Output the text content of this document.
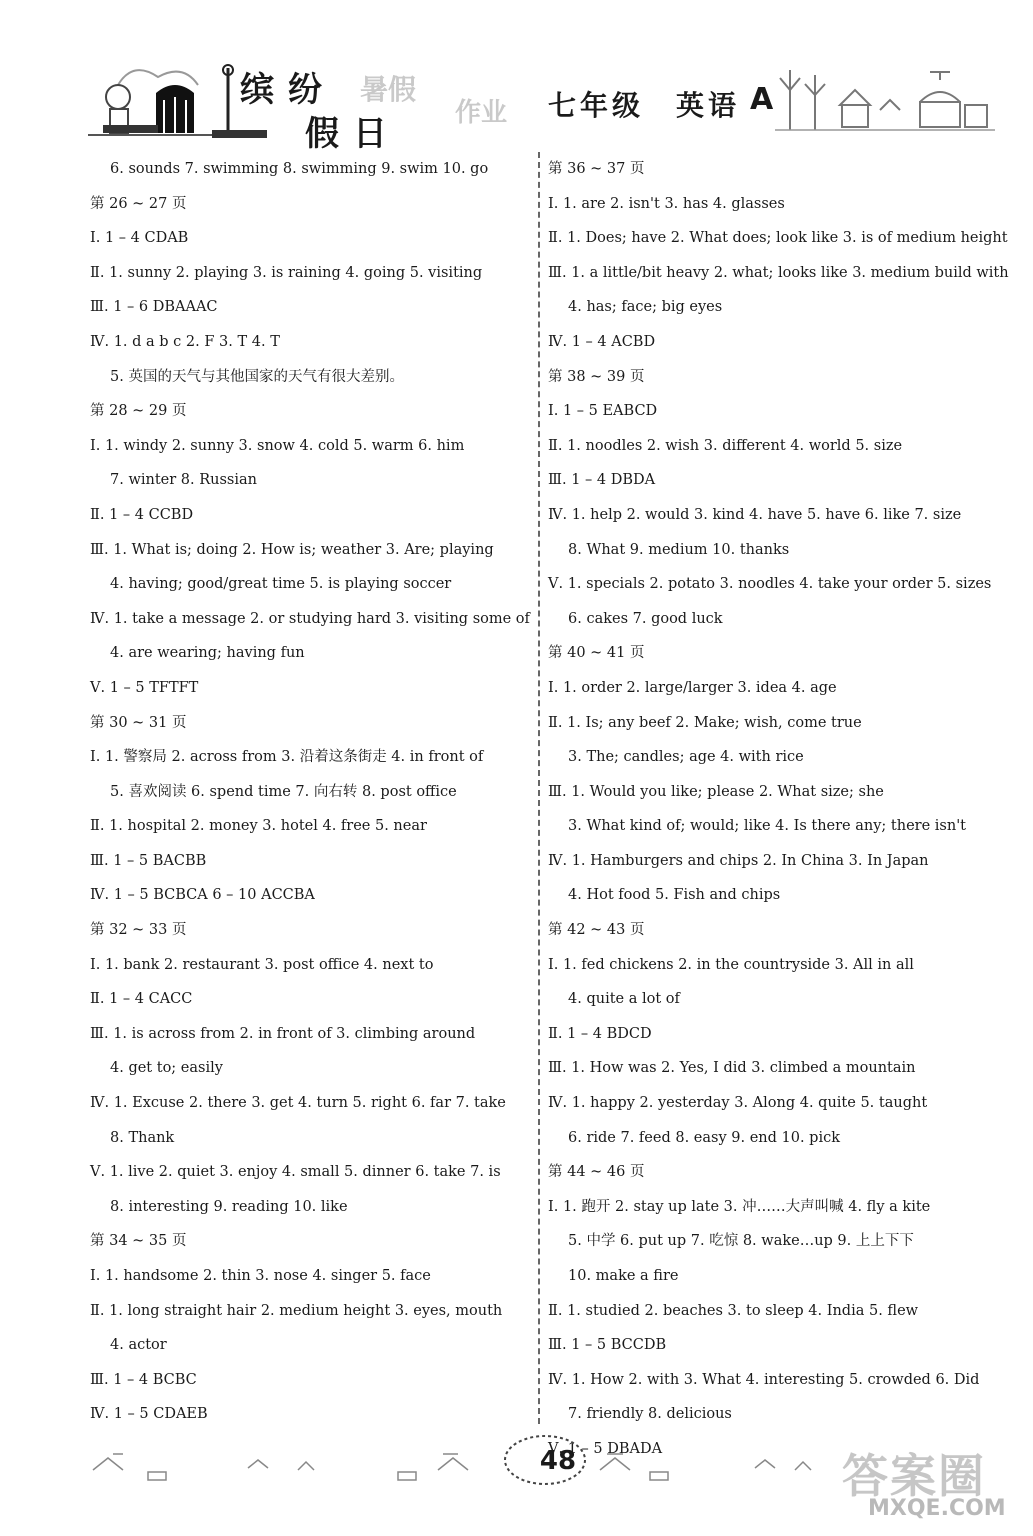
缤纷
假日
暑假
作业 七年级 英语 A
6. sounds 7. swimming 8. swimming 9. swim 10. go
第 26 ~ 27 页
Ⅰ. 1 – 4 CDAB
Ⅱ. 1. sunny 2. playing 3. is raining 4. going 5. visiting
Ⅲ. 1 – 6 DBAAAC
Ⅳ. 1. d a b c 2. F 3. T 4. T
5. 英国的天气与其他国家的天气有很大差别。
第 28 ~ 29 页
Ⅰ. 1. windy 2. sunny 3. snow 4. cold 5. warm 6. him
7. winter 8. Russian
Ⅱ. 1 – 4 CCBD
Ⅲ. 1. What is; doing 2. How is; weather 3. Are; playing
4. having; good/great time 5. is playing soccer
Ⅳ. 1. take a message 2. or studying hard 3. visiting some of
4. are wearing; having fun
Ⅴ. 1 – 5 TFTFT
第 30 ~ 31 页
Ⅰ. 1. 警察局 2. across from 3. 沿着这条街走 4. in front of
5. 喜欢阅读 6. spend time 7. 向右转 8. post office
Ⅱ. 1. hospital 2. money 3. hotel 4. free 5. near
Ⅲ. 1 – 5 BACBB
Ⅳ. 1 – 5 BCBCA 6 – 10 ACCBA
第 32 ~ 33 页
Ⅰ. 1. bank 2. restaurant 3. post office 4. next to
Ⅱ. 1 – 4 CACC
Ⅲ. 1. is across from 2. in front of 3. climbing around
4. get to; easily
Ⅳ. 1. Excuse 2. there 3. get 4. turn 5. right 6. far 7. take
8. Thank
Ⅴ. 1. live 2. quiet 3. enjoy 4. small 5. dinner 6. take 7. is
8. interesting 9. reading 10. like
第 34 ~ 35 页
Ⅰ. 1. handsome 2. thin 3. nose 4. singer 5. face
Ⅱ. 1. long straight hair 2. medium height 3. eyes, mouth
4. actor
Ⅲ. 1 – 4 BCBC
Ⅳ. 1 – 5 CDAEB
第 36 ~ 37 页
Ⅰ. 1. are 2. isn't 3. has 4. glasses
Ⅱ. 1. Does; have 2. What does; look like 3. is of medium height
Ⅲ. 1. a little/bit heavy 2. what; looks like 3. medium build with
4. has; face; big eyes
Ⅳ. 1 – 4 ACBD
第 38 ~ 39 页
Ⅰ. 1 – 5 EABCD
Ⅱ. 1. noodles 2. wish 3. different 4. world 5. size
Ⅲ. 1 – 4 DBDA
Ⅳ. 1. help 2. would 3. kind 4. have 5. have 6. like 7. size
8. What 9. medium 10. thanks
Ⅴ. 1. specials 2. potato 3. noodles 4. take your order 5. sizes
6. cakes 7. good luck
第 40 ~ 41 页
Ⅰ. 1. order 2. large/larger 3. idea 4. age
Ⅱ. 1. Is; any beef 2. Make; wish, come true
3. The; candles; age 4. with rice
Ⅲ. 1. Would you like; please 2. What size; she
3. What kind of; would; like 4. Is there any; there isn't
Ⅳ. 1. Hamburgers and chips 2. In China 3. In Japan
4. Hot food 5. Fish and chips
第 42 ~ 43 页
Ⅰ. 1. fed chickens 2. in the countryside 3. All in all
4. quite a lot of
Ⅱ. 1 – 4 BDCD
Ⅲ. 1. How was 2. Yes, I did 3. climbed a mountain
Ⅳ. 1. happy 2. yesterday 3. Along 4. quite 5. taught
6. ride 7. feed 8. easy 9. end 10. pick
第 44 ~ 46 页
Ⅰ. 1. 跑开 2. stay up late 3. 冲……大声叫喊 4. fly a kite
5. 中学 6. put up 7. 吃惊 8. wake…up 9. 上上下下
10. make a fire
Ⅱ. 1. studied 2. beaches 3. to sleep 4. India 5. flew
Ⅲ. 1 – 5 BCCDB
Ⅳ. 1. How 2. with 3. What 4. interesting 5. crowded 6. Did
7. friendly 8. delicious
Ⅴ. 1 – 5 DBADA
48	答案圈
MXQE.COM
